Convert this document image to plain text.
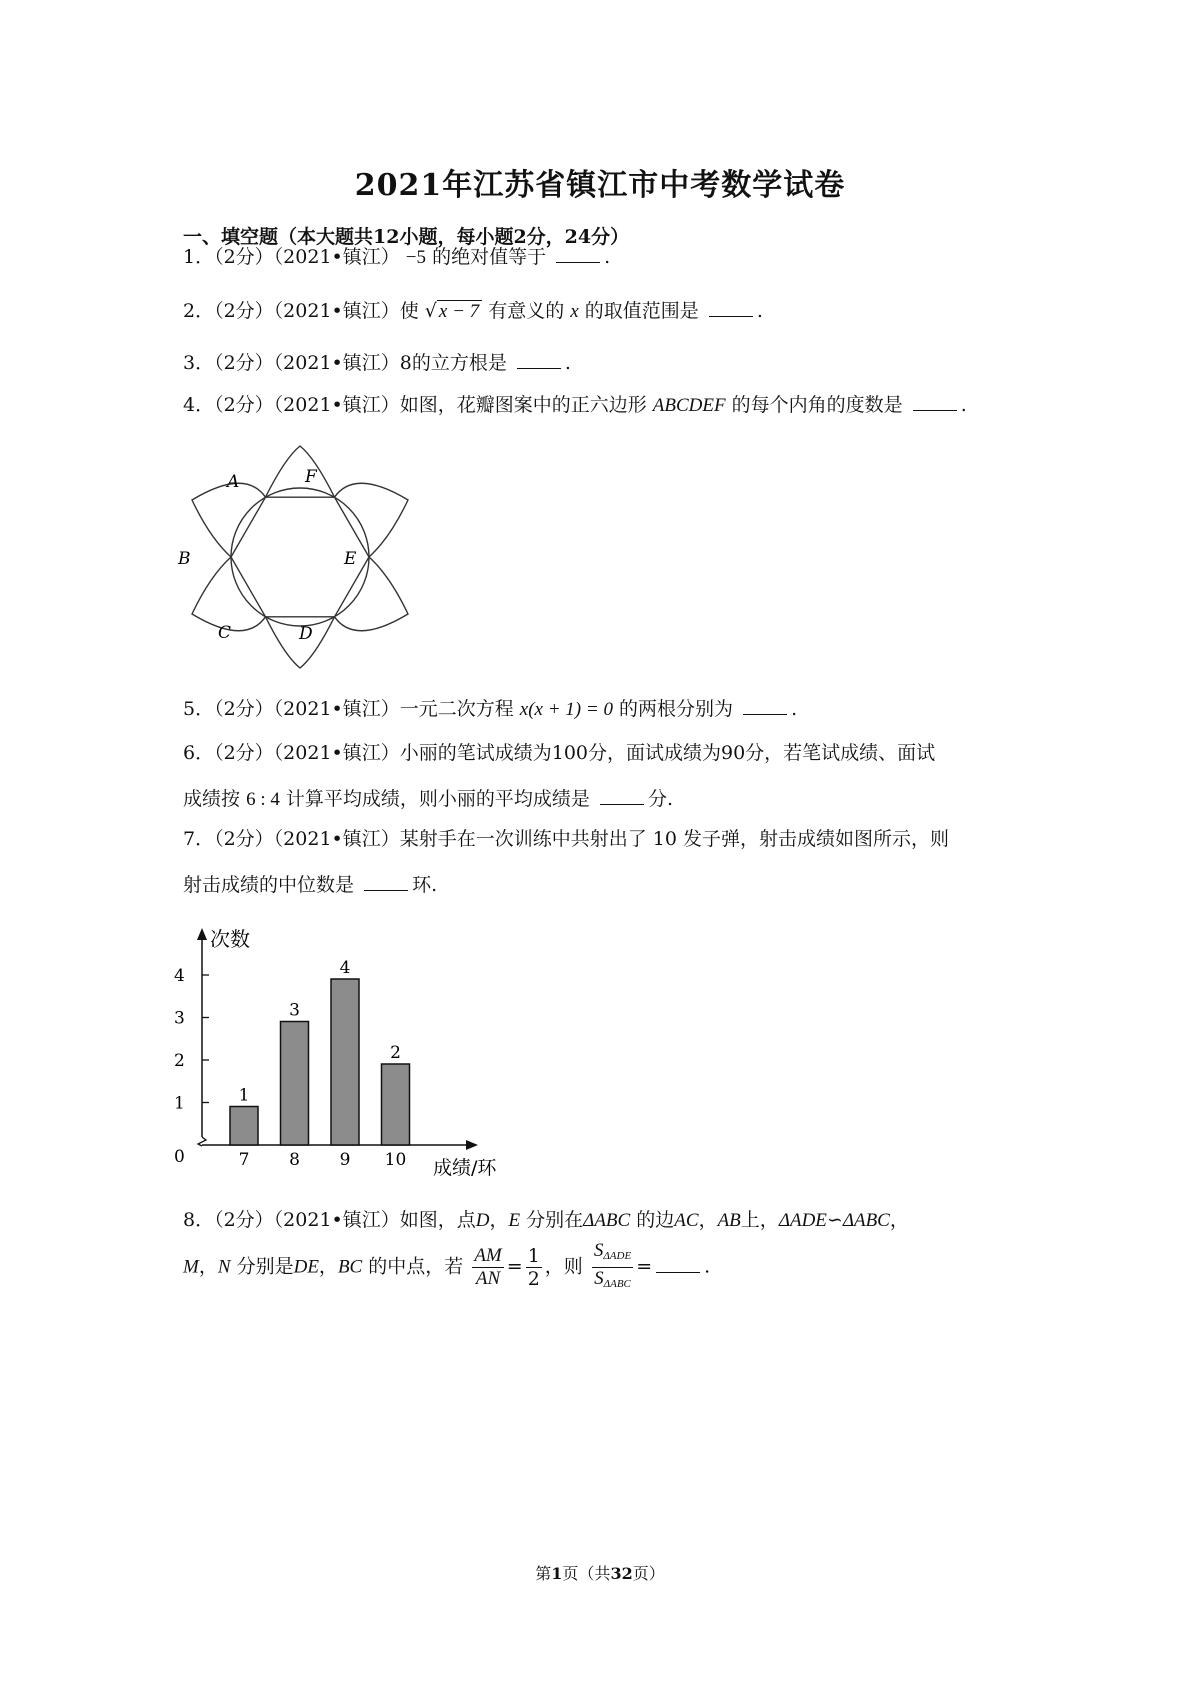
2021年江苏省镇江市中考数学试卷
一、填空题（本大题共12小题，每小题2分，24分）
1．（2分）（2021•镇江） −5 的绝对值等于	.
2．（2分）（2021•镇江）使 √ x − 7 有意义的 x 的取值范围是	.
3．（2分）（2021•镇江）8的立方根是	.
4．（2分）（2021•镇江）如图，花瓣图案中的正六边形 ABCDEF 的每个内角的度数是	.
A	F
B	E
C	D
5．（2分）（2021•镇江）一元二次方程 x(x + 1) = 0 的两根分别为	.
6．（2分）（2021•镇江）小丽的笔试成绩为100分，面试成绩为90分，若笔试成绩、面试
成绩按 6 : 4 计算平均成绩，则小丽的平均成绩是	分.
7．（2分）（2021•镇江）某射手在一次训练中共射出了 10 发子弹，射击成绩如图所示，则
射击成绩的中位数是	环.
0
1
2
3
4
1
7
3
8
4
9
2
10
次数
成绩/环
8．（2分）（2021•镇江）如图，点D，E 分别在ΔABC 的边AC，AB上，ΔADE∽ΔABC，
M，N 分别是DE，BC 的中点，若 $\frac{AM}{AN} = \frac{1}{2}$ ，则 $\frac{S_{\Delta ADE}}{S_{\Delta ABC}}$ =	.
第1页（共32页）
